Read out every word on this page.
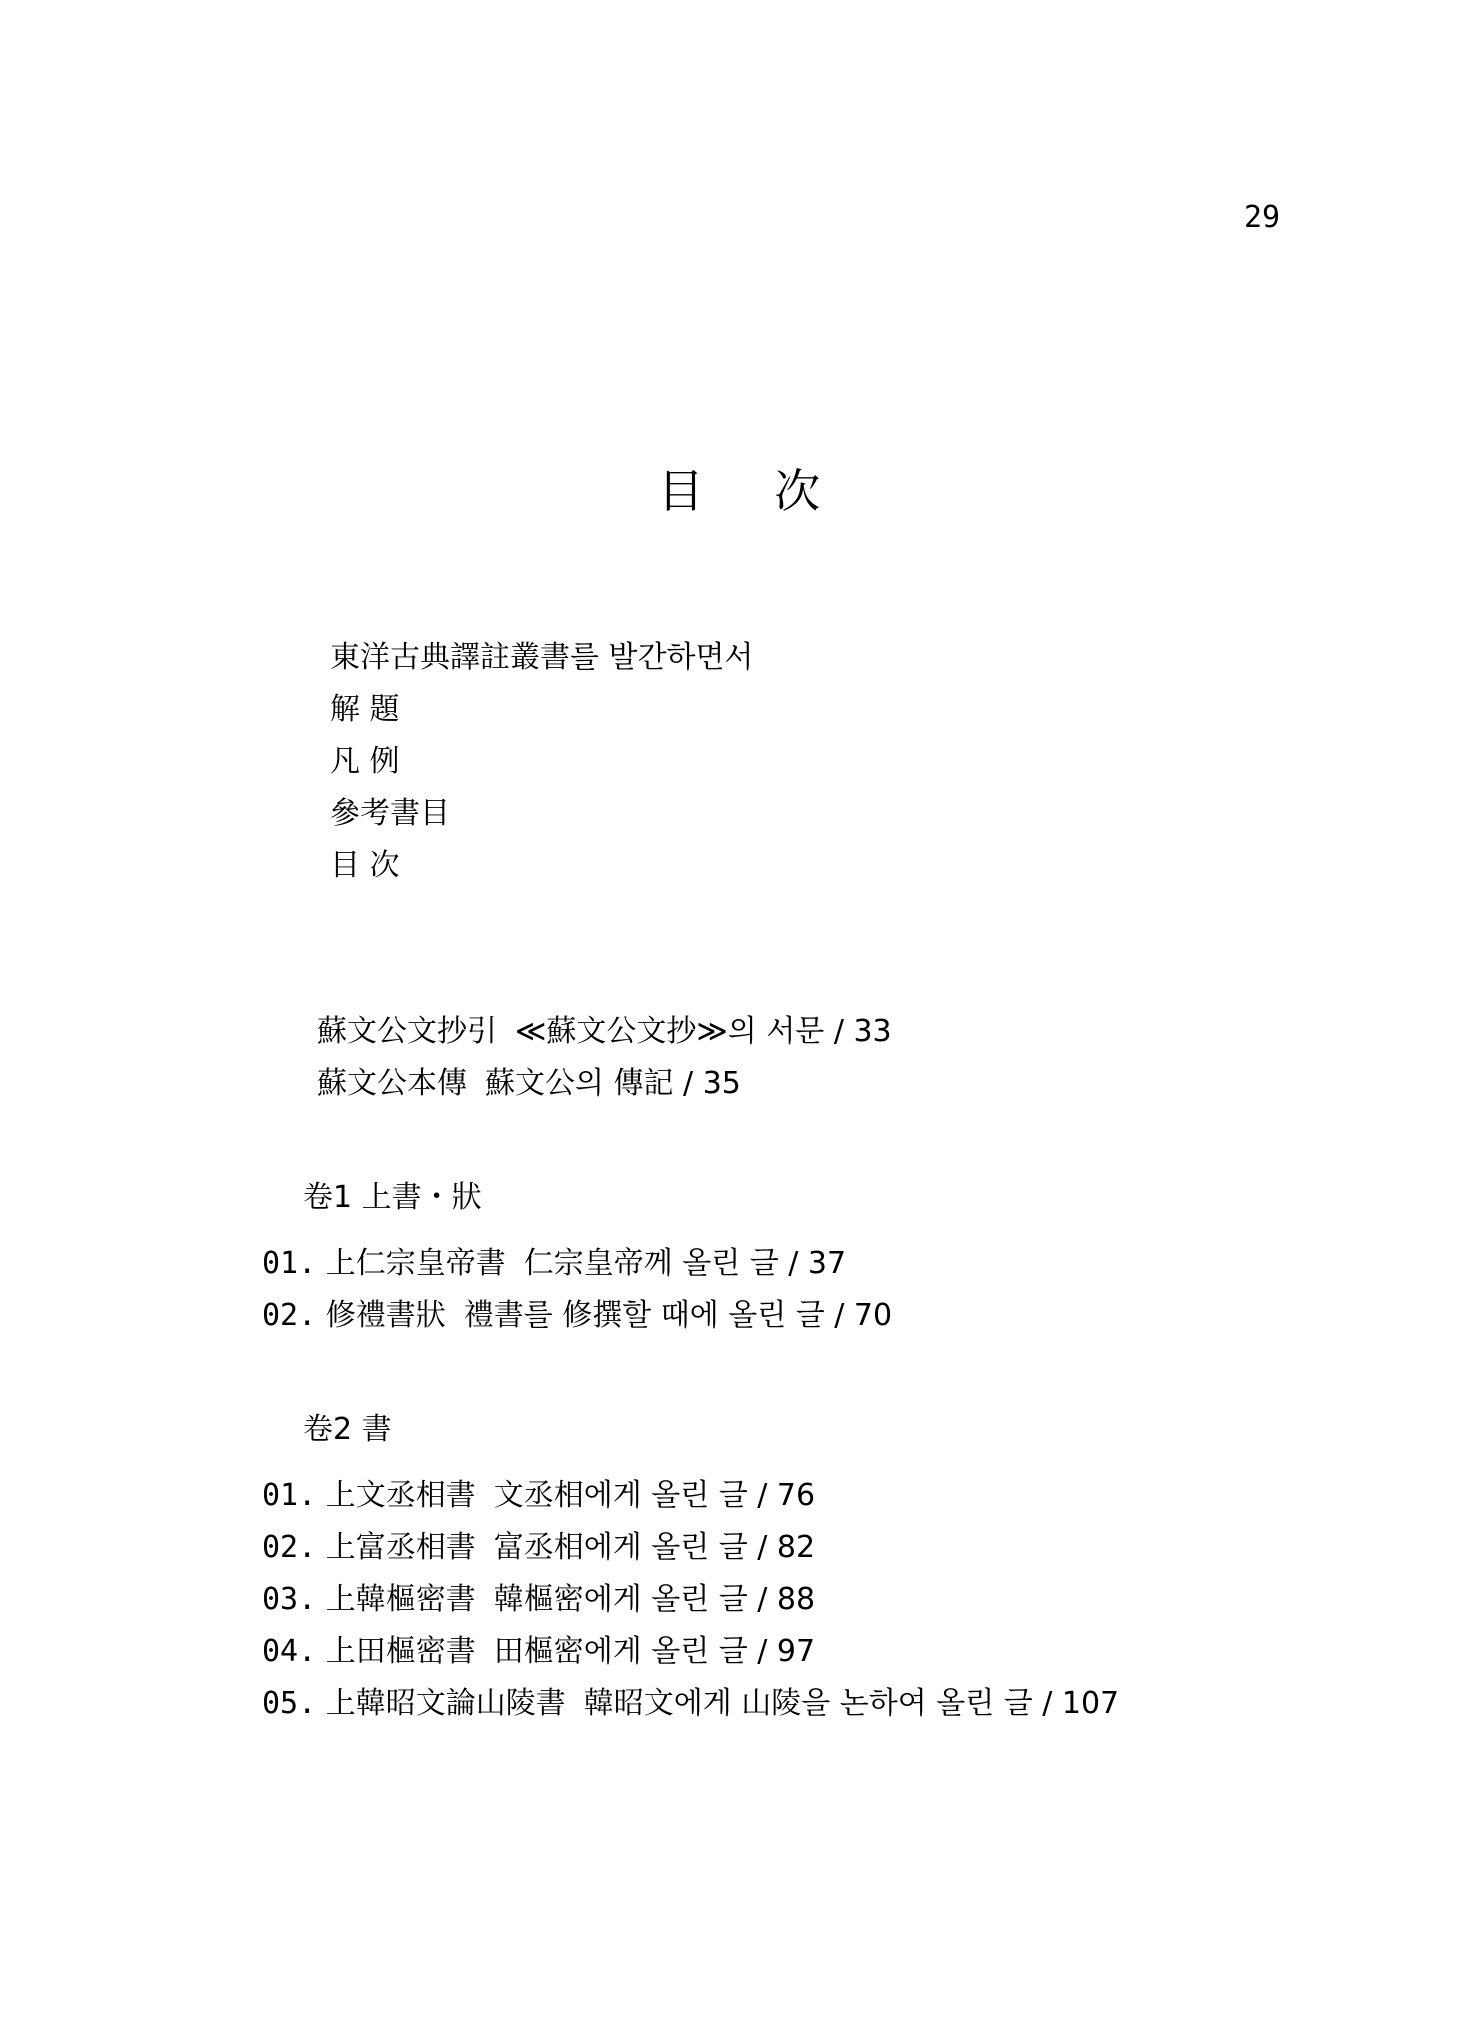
29
目 次
東洋古典譯註叢書를 발간하면서
解 題
凡 例
參考書目
目 次
蘇文公文抄引 ≪蘇文公文抄≫의 서문 / 33
蘇文公本傳 蘇文公의 傳記 / 35
卷1 上書・狀
01. 上仁宗皇帝書 仁宗皇帝께 올린 글 / 37
02. 修禮書狀 禮書를 修撰할 때에 올린 글 / 70
卷2 書
01. 上文丞相書 文丞相에게 올린 글 / 76
02. 上富丞相書 富丞相에게 올린 글 / 82
03. 上韓樞密書 韓樞密에게 올린 글 / 88
04. 上田樞密書 田樞密에게 올린 글 / 97
05. 上韓昭文論山陵書 韓昭文에게 山陵을 논하여 올린 글 / 107
